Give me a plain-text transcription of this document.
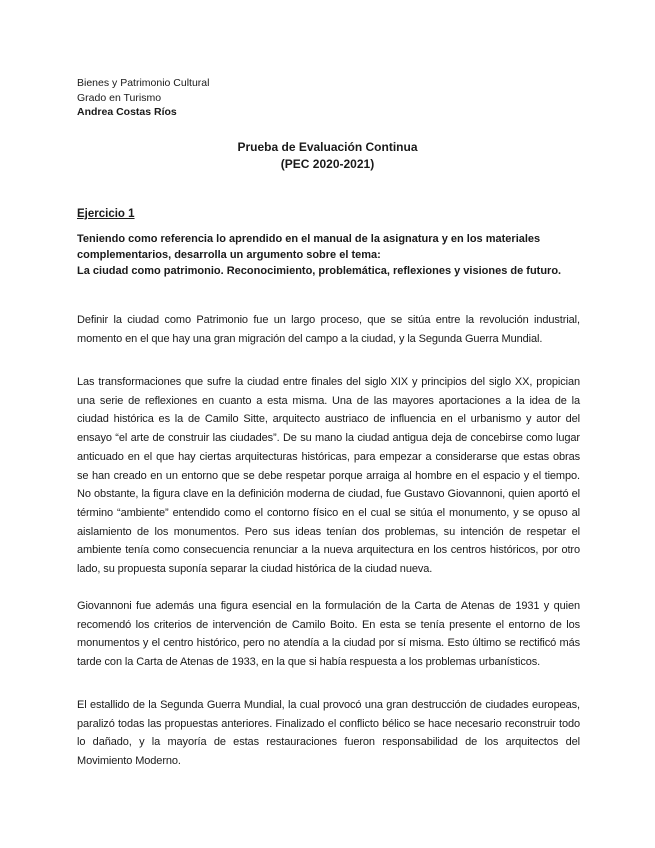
Bienes y Patrimonio Cultural
Grado en Turismo
Andrea Costas Ríos
Prueba de Evaluación Continua
(PEC 2020-2021)
Ejercicio 1
Teniendo como referencia lo aprendido en el manual de la asignatura y en los materiales
complementarios, desarrolla un argumento sobre el tema:
La ciudad como patrimonio. Reconocimiento, problemática, reflexiones y visiones de futuro.

Definir la ciudad como Patrimonio fue un largo proceso, que se sitúa entre la revolución industrial, momento en el que hay una gran migración del campo a la ciudad, y la Segunda Guerra Mundial.

Las transformaciones que sufre la ciudad entre finales del siglo XIX y principios del siglo XX, propician una serie de reflexiones en cuanto a esta misma. Una de las mayores aportaciones a la idea de la ciudad histórica es la de Camilo Sitte, arquitecto austriaco de influencia en el urbanismo y autor del ensayo “el arte de construir las ciudades”. De su mano la ciudad antigua deja de concebirse como lugar anticuado en el que hay ciertas arquitecturas históricas, para empezar a considerarse que estas obras se han creado en un entorno que se debe respetar porque arraiga al hombre en el espacio y el tiempo. No obstante, la figura clave en la definición moderna de ciudad, fue Gustavo Giovannoni, quien aportó el término “ambiente” entendido como el contorno físico en el cual se sitúa el monumento, y se opuso al aislamiento de los monumentos. Pero sus ideas tenían dos problemas, su intención de respetar el ambiente tenía como consecuencia renunciar a la nueva arquitectura en los centros históricos, por otro lado, su propuesta suponía separar la ciudad histórica de la ciudad nueva.

Giovannoni fue además una figura esencial en la formulación de la Carta de Atenas de 1931 y quien recomendó los criterios de intervención de Camilo Boito. En esta se tenía presente el entorno de los monumentos y el centro histórico, pero no atendía a la ciudad por sí misma. Esto último se rectificó más tarde con la Carta de Atenas de 1933, en la que si había respuesta a los problemas urbanísticos.

El estallido de la Segunda Guerra Mundial, la cual provocó una gran destrucción de ciudades europeas, paralizó todas las propuestas anteriores. Finalizado el conflicto bélico se hace necesario reconstruir todo lo dañado, y la mayoría de estas restauraciones fueron responsabilidad de los arquitectos del Movimiento Moderno.
